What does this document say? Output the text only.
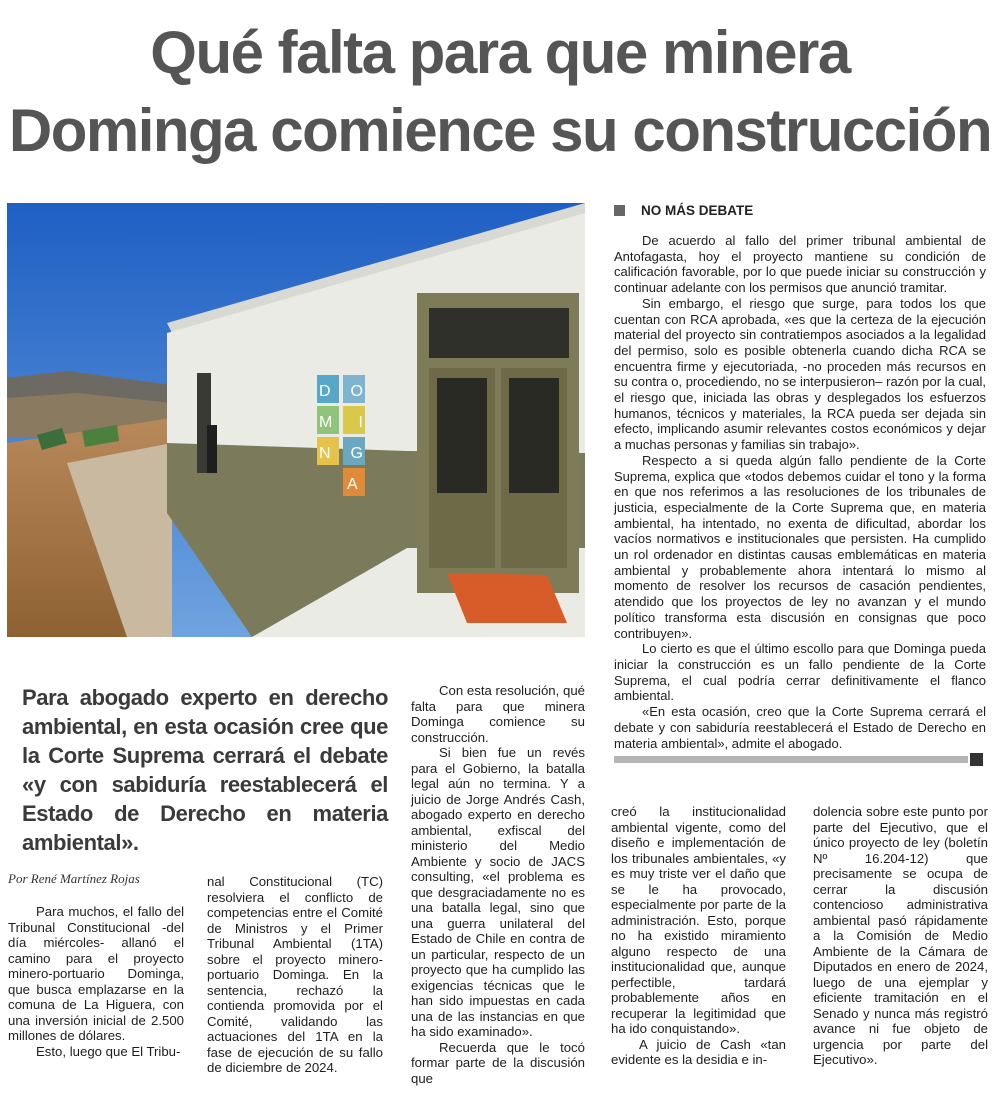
Qué falta para que minera
Dominga comience su construcción
DO
MI
NG
A
NO MÁS DEBATE

De acuerdo al fallo del primer tribunal ambiental de Antofagasta, hoy el proyecto mantiene su condición de calificación favorable, por lo que puede iniciar su construcción y continuar adelante con los permisos que anunció tramitar.

Sin embargo, el riesgo que surge, para todos los que cuentan con RCA aprobada, «es que la certeza de la ejecución material del proyecto sin contratiempos asociados a la legalidad del permiso, solo es posible obtenerla cuando dicha RCA se encuentra firme y ejecutoriada, -no proceden más recursos en su contra o, procediendo, no se interpusieron– razón por la cual, el riesgo que, iniciada las obras y desplegados los esfuerzos humanos, técnicos y materiales, la RCA pueda ser dejada sin efecto, implicando asumir relevantes costos económicos y dejar a muchas personas y familias sin trabajo».

Respecto a si queda algún fallo pendiente de la Corte Suprema, explica que «todos debemos cuidar el tono y la forma en que nos referimos a las resoluciones de los tribunales de justicia, especialmente de la Corte Suprema que, en materia ambiental, ha intentado, no exenta de dificultad, abordar los vacíos normativos e institucionales que persisten. Ha cumplido un rol ordenador en distintas causas emblemáticas en materia ambiental y probablemente ahora intentará lo mismo al momento de resolver los recursos de casación pendientes, atendido que los proyectos de ley no avanzan y el mundo político transforma esta discusión en consignas que poco contribuyen».

Lo cierto es que el último escollo para que Dominga pueda iniciar la construcción es un fallo pendiente de la Corte Suprema, el cual podría cerrar definitivamente el flanco ambiental.

«En esta ocasión, creo que la Corte Suprema cerrará el debate y con sabiduría reestablecerá el Estado de Derecho en materia ambiental», admite el abogado.

Para abogado experto en derecho ambiental, en esta ocasión cree que la Corte Suprema cerrará el debate «y con sabiduría reestablecerá el Estado de Derecho en materia ambiental».
Por René Martínez Rojas

Para muchos, el fallo del Tribunal Constitucional -del día miércoles- allanó el camino para el proyecto minero-portuario Dominga, que busca emplazarse en la comuna de La Higuera, con una inversión inicial de 2.500 millones de dólares.

Esto, luego que El Tribu-

nal Constitucional (TC) resolviera el conflicto de competencias entre el Comité de Ministros y el Primer Tribunal Ambiental (1TA) sobre el proyecto minero-portuario Dominga. En la sentencia, rechazó la contienda promovida por el Comité, validando las actuaciones del 1TA en la fase de ejecución de su fallo de diciembre de 2024.

Con esta resolución, qué falta para que minera Dominga comience su construcción.

Si bien fue un revés para el Gobierno, la batalla legal aún no termina. Y a juicio de Jorge Andrés Cash, abogado experto en derecho ambiental, exfiscal del ministerio del Medio Ambiente y socio de JACS consulting, «el problema es que desgraciadamente no es una batalla legal, sino que una guerra unilateral del Estado de Chile en contra de un particular, respecto de un proyecto que ha cumplido las exigencias técnicas que le han sido impuestas en cada una de las instancias en que ha sido examinado».

Recuerda que le tocó formar parte de la discusión que

creó la institucionalidad ambiental vigente, como del diseño e implementación de los tribunales ambientales, «y es muy triste ver el daño que se le ha provocado, especialmente por parte de la administración. Esto, porque no ha existido miramiento alguno respecto de una institucionalidad que, aunque perfectible, tardará probablemente años en recuperar la legitimidad que ha ido conquistando».

A juicio de Cash «tan evidente es la desidia e in-

dolencia sobre este punto por parte del Ejecutivo, que el único proyecto de ley (boletín Nº 16.204-12) que precisamente se ocupa de cerrar la discusión contencioso administrativa ambiental pasó rápidamente a la Comisión de Medio Ambiente de la Cámara de Diputados en enero de 2024, luego de una ejemplar y eficiente tramitación en el Senado y nunca más registró avance ni fue objeto de urgencia por parte del Ejecutivo».
